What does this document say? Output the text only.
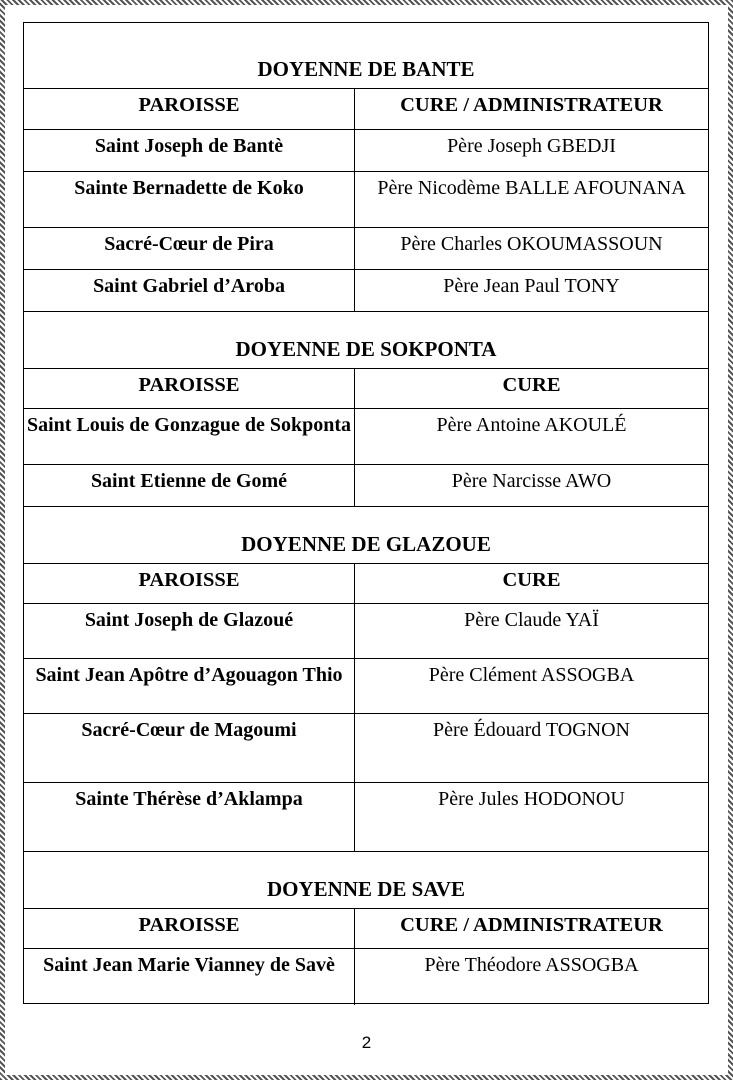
DOYENNE DE BANTE
PAROISSE	CURE / ADMINISTRATEUR
Saint Joseph de Bantè	Père Joseph GBEDJI
Sainte Bernadette de Koko	Père Nicodème BALLE AFOUNANA
Sacré-Cœur de Pira	Père Charles OKOUMASSOUN
Saint Gabriel d’Aroba	Père Jean Paul TONY
DOYENNE DE SOKPONTA
PAROISSE	CURE
Saint Louis de Gonzague de Sokponta	Père Antoine AKOULÉ
Saint Etienne de Gomé	Père Narcisse AWO
DOYENNE DE GLAZOUE
PAROISSE	CURE
Saint Joseph de Glazoué	Père Claude YAÏ
Saint Jean Apôtre d’Agouagon Thio	Père Clément ASSOGBA
Sacré-Cœur de Magoumi	Père Édouard TOGNON
Sainte Thérèse d’Aklampa	Père Jules HODONOU
DOYENNE DE SAVE
PAROISSE	CURE / ADMINISTRATEUR
Saint Jean Marie Vianney de Savè	Père Théodore ASSOGBA
2
